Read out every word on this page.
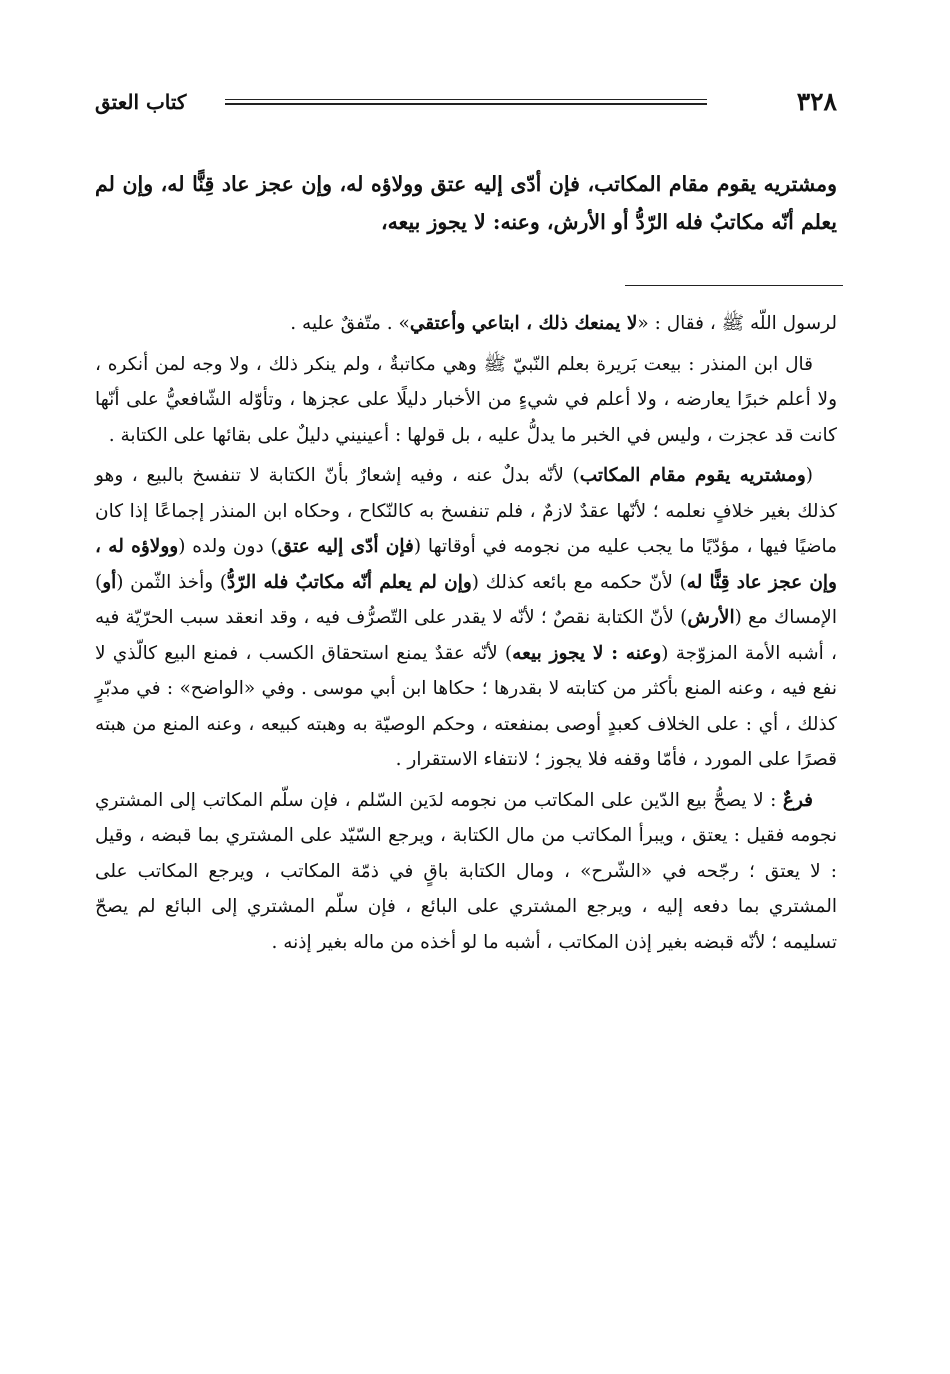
٣٢٨
كتاب العتق

ومشتريه يقوم مقام المكاتب، فإن أدّى إليه عتق وولاؤه له، وإن عجز عاد قِنًّا له، وإن لم يعلم أنّه مكاتبٌ فله الرّدُّ أو الأرش، وعنه: لا يجوز بيعه،

لرسول اللّه ﷺ ، فقال : «لا يمنعك ذلك ، ابتاعي وأعتقي» . متّفقٌ عليه .

قال ابن المنذر : بيعت بَريرة بعلم النّبيّ ﷺ وهي مكاتبةٌ ، ولم ينكر ذلك ، ولا وجه لمن أنكره ، ولا أعلم خبرًا يعارضه ، ولا أعلم في شيءٍ من الأخبار دليلًا على عجزها ، وتأوّله الشّافعيُّ على أنّها كانت قد عجزت ، وليس في الخبر ما يدلُّ عليه ، بل قولها : أعينيني دليلٌ على بقائها على الكتابة .

(ومشتريه يقوم مقام المكاتب) لأنّه بدلٌ عنه ، وفيه إشعارٌ بأنّ الكتابة لا تنفسخ بالبيع ، وهو كذلك بغير خلافٍ نعلمه ؛ لأنّها عقدٌ لازمٌ ، فلم تنفسخ به كالنّكاح ، وحكاه ابن المنذر إجماعًا إذا كان ماضيًا فيها ، مؤدّيًا ما يجب عليه من نجومه في أوقاتها (فإن أدّى إليه عتق) دون ولده (وولاؤه له ، وإن عجز عاد قِنًّا له) لأنّ حكمه مع بائعه كذلك (وإن لم يعلم أنّه مكاتبٌ فله الرّدُّ) وأخذ الثّمن (أو) الإمساك مع (الأرش) لأنّ الكتابة نقصٌ ؛ لأنّه لا يقدر على التّصرُّف فيه ، وقد انعقد سبب الحرّيّة فيه ، أشبه الأمة المزوّجة (وعنه : لا يجوز بيعه) لأنّه عقدٌ يمنع استحقاق الكسب ، فمنع البيع كالّذي لا نفع فيه ، وعنه المنع بأكثر من كتابته لا بقدرها ؛ حكاها ابن أبي موسى . وفي «الواضح» : في مدبّرٍ كذلك ، أي : على الخلاف كعبدٍ أوصى بمنفعته ، وحكم الوصيّة به وهبته كبيعه ، وعنه المنع من هبته قصرًا على المورد ، فأمّا وقفه فلا يجوز ؛ لانتفاء الاستقرار .

فرعٌ : لا يصحُّ بيع الدّين على المكاتب من نجومه لدَين السّلم ، فإن سلّم المكاتب إلى المشتري نجومه فقيل : يعتق ، ويبرأ المكاتب من مال الكتابة ، ويرجع السّيّد على المشتري بما قبضه ، وقيل : لا يعتق ؛ رجّحه في «الشّرح» ، ومال الكتابة باقٍ في ذمّة المكاتب ، ويرجع المكاتب على المشتري بما دفعه إليه ، ويرجع المشتري على البائع ، فإن سلّم المشتري إلى البائع لم يصحّ تسليمه ؛ لأنّه قبضه بغير إذن المكاتب ، أشبه ما لو أخذه من ماله بغير إذنه .
